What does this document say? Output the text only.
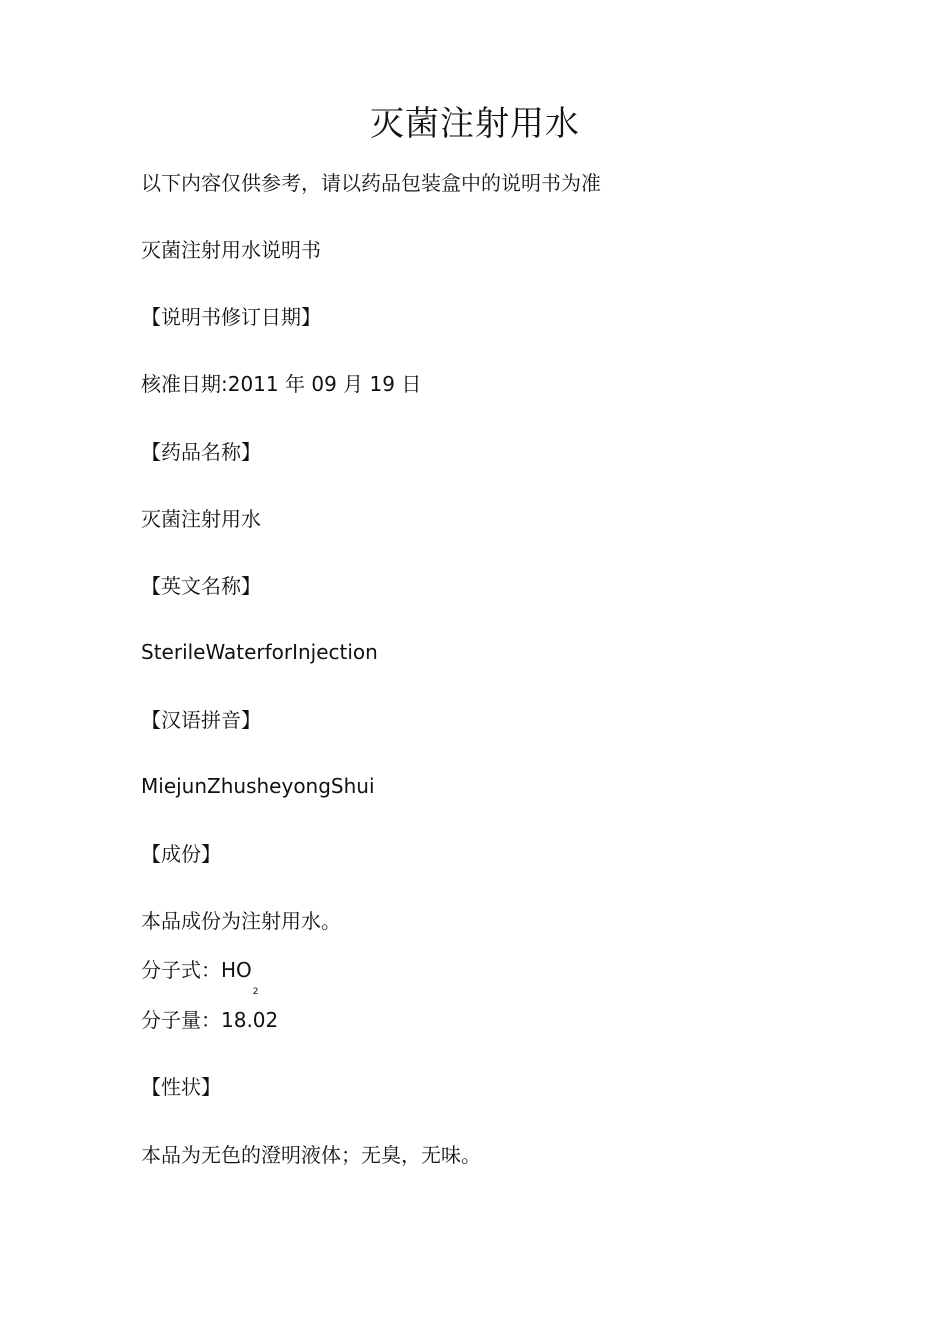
灭菌注射用水
以下内容仅供参考，请以药品包装盒中的说明书为准
灭菌注射用水说明书
【说明书修订日期】
核准日期:2011 年 09 月 19 日
【药品名称】
灭菌注射用水
【英文名称】
SterileWaterforInjection
【汉语拼音】
MiejunZhusheyongShui
【成份】
本品成份为注射用水。
分子式：$HO_2$
分子量：18.02
【性状】
本品为无色的澄明液体；无臭，无味。
